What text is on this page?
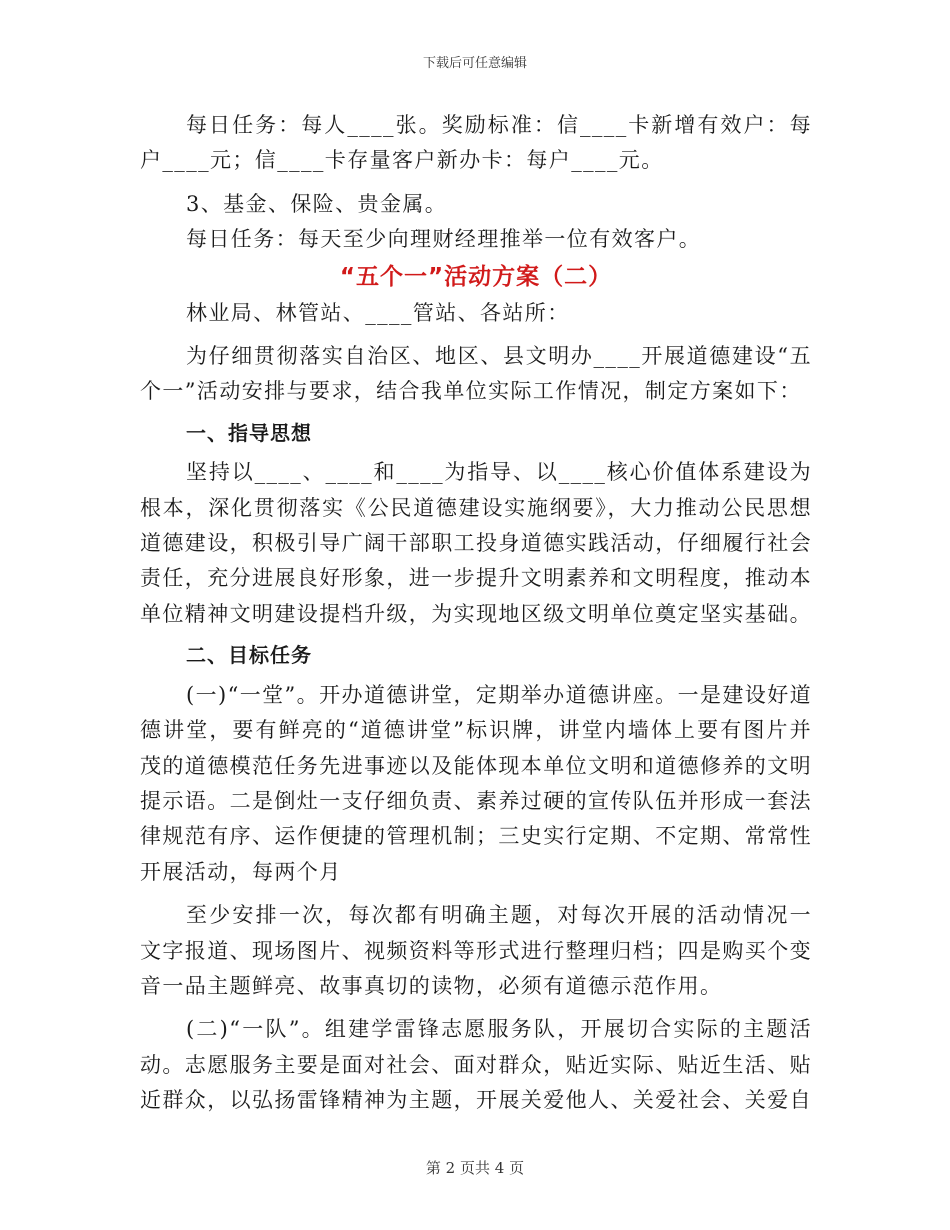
下载后可任意编辑

每日任务：每人____张。奖励标准：信____卡新增有效户：每户____元；信____卡存量客户新办卡：每户____元。

3、基金、保险、贵金属。

每日任务：每天至少向理财经理推举一位有效客户。

“五个一”活动方案（二）

林业局、林管站、____管站、各站所：

为仔细贯彻落实自治区、地区、县文明办____开展道德建设“五个一”活动安排与要求，结合我单位实际工作情况，制定方案如下：

一、指导思想

坚持以____、____和____为指导、以____核心价值体系建设为根本，深化贯彻落实《公民道德建设实施纲要》，大力推动公民思想道德建设，积极引导广阔干部职工投身道德实践活动，仔细履行社会责任，充分进展良好形象，进一步提升文明素养和文明程度，推动本单位精神文明建设提档升级，为实现地区级文明单位奠定坚实基础。

二、目标任务

(一)“一堂”。开办道德讲堂，定期举办道德讲座。一是建设好道德讲堂，要有鲜亮的“道德讲堂”标识牌，讲堂内墙体上要有图片并茂的道德模范任务先进事迹以及能体现本单位文明和道德修养的文明提示语。二是倒灶一支仔细负责、素养过硬的宣传队伍并形成一套法律规范有序、运作便捷的管理机制；三史实行定期、不定期、常常性开展活动，每两个月

至少安排一次，每次都有明确主题，对每次开展的活动情况一文字报道、现场图片、视频资料等形式进行整理归档；四是购买个变音一品主题鲜亮、故事真切的读物，必须有道德示范作用。

(二)“一队”。组建学雷锋志愿服务队，开展切合实际的主题活动。志愿服务主要是面对社会、面对群众，贴近实际、贴近生活、贴近群众，以弘扬雷锋精神为主题，开展关爱他人、关爱社会、关爱自

第 2 页共 4 页
